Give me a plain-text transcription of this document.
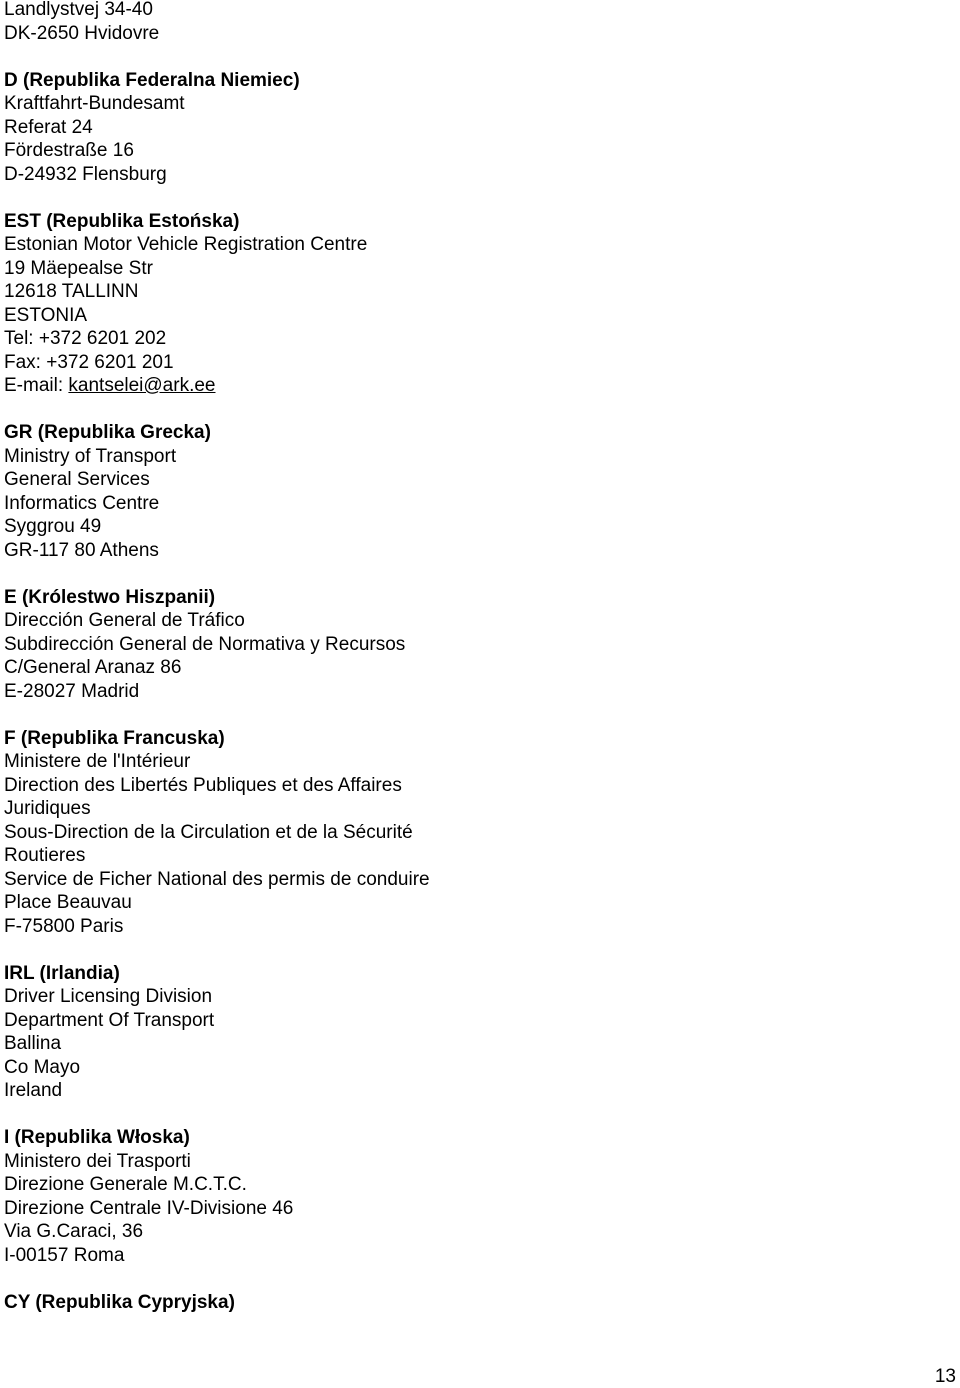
Landlystvej 34-40
DK-2650 Hvidovre
D (Republika Federalna Niemiec)
Kraftfahrt-Bundesamt
Referat 24
Fördestraße 16
D-24932 Flensburg
EST (Republika Estońska)
Estonian Motor Vehicle Registration Centre
19 Mäepealse Str
12618 TALLINN
ESTONIA
Tel: +372 6201 202
Fax: +372 6201 201
E-mail: kantselei@ark.ee
GR (Republika Grecka)
Ministry of Transport
General Services
Informatics Centre
Syggrou 49
GR-117 80 Athens
E (Królestwo Hiszpanii)
Dirección General de Tráfico
Subdirección General de Normativa y Recursos
C/General Aranaz 86
E-28027 Madrid
F (Republika Francuska)
Ministere de l'Intérieur
Direction des Libertés Publiques et des Affaires
Juridiques
Sous-Direction de la Circulation et de la Sécurité
Routieres
Service de Ficher National des permis de conduire
Place Beauvau
F-75800 Paris
IRL (Irlandia)
Driver Licensing Division
Department Of Transport
Ballina
Co Mayo
Ireland
I (Republika Włoska)
Ministero dei Trasporti
Direzione Generale M.C.T.C.
Direzione Centrale IV-Divisione 46
Via G.Caraci, 36
I-00157 Roma
CY (Republika Cypryjska)
13
